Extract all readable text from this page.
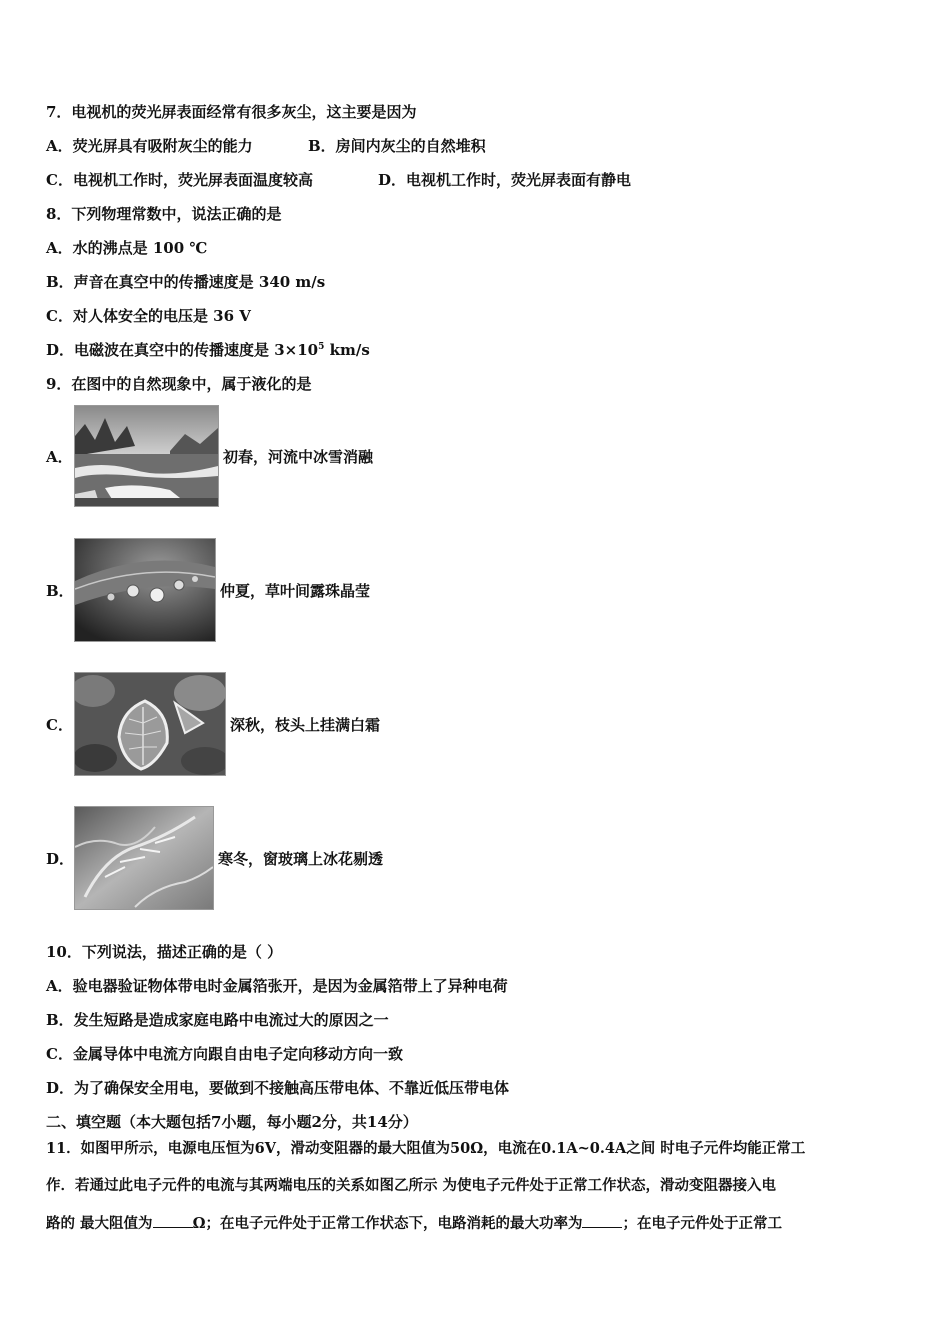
7．电视机的荧光屏表面经常有很多灰尘，这主要是因为
A．荧光屏具有吸附灰尘的能力	B．房间内灰尘的自然堆积
C．电视机工作时，荧光屏表面温度较高	D．电视机工作时，荧光屏表面有静电
8．下列物理常数中，说法正确的是
A．水的沸点是 100 ℃
B．声音在真空中的传播速度是 340 m/s
C．对人体安全的电压是 36 V
D．电磁波在真空中的传播速度是 $3\times 10^5$ km/s
9．在图中的自然现象中，属于液化的是
A．	初春，河流中冰雪消融
B．	仲夏，草叶间露珠晶莹
C．	深秋，枝头上挂满白霜
D．	寒冬，窗玻璃上冰花剔透
10．下列说法，描述正确的是（ ）
A．验电器验证物体带电时金属箔张开，是因为金属箔带上了异种电荷
B．发生短路是造成家庭电路中电流过大的原因之一
C．金属导体中电流方向跟自由电子定向移动方向一致
D．为了确保安全用电，要做到不接触高压带电体、不靠近低压带电体
二、填空题（本大题包括7小题，每小题2分，共14分）
11．如图甲所示，电源电压恒为6V，滑动变阻器的最大阻值为50Ω，电流在0.1A~0.4A之间 时电子元件均能正常工
作．若通过此电子元件的电流与其两端电压的关系如图乙所示 为使电子元件处于正常工作状态，滑动变阻器接入电
路的 最大阻值为	Ω；在电子元件处于正常工作状态下，电路消耗的最大功率为	；在电子元件处于正常工
